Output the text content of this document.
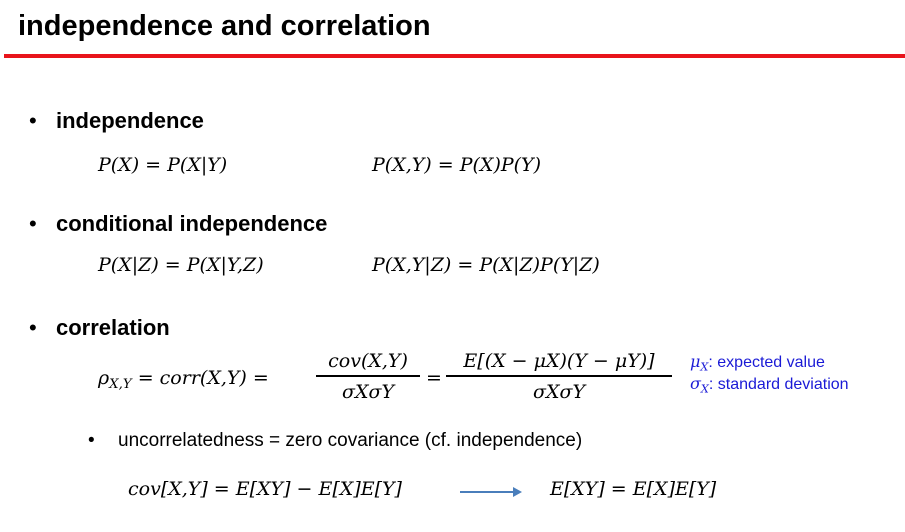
independence and correlation
• independence
P(X) = P(X|Y)	P(X,Y) = P(X)P(Y)
• conditional independence
P(X|Z) = P(X|Y,Z)	P(X,Y|Z) = P(X|Z)P(Y|Z)
• correlation
$\rho_{X,Y}$ = corr(X,Y) =
cov(X,Y)
σXσY
=
E[(X − μX)(Y − μY)]
σXσY
$\mu_X$: expected value
$\sigma_X$: standard deviation
• uncorrelatedness = zero covariance (cf. independence)
cov[X,Y] = E[XY] − E[X]E[Y]	E[XY] = E[X]E[Y]
